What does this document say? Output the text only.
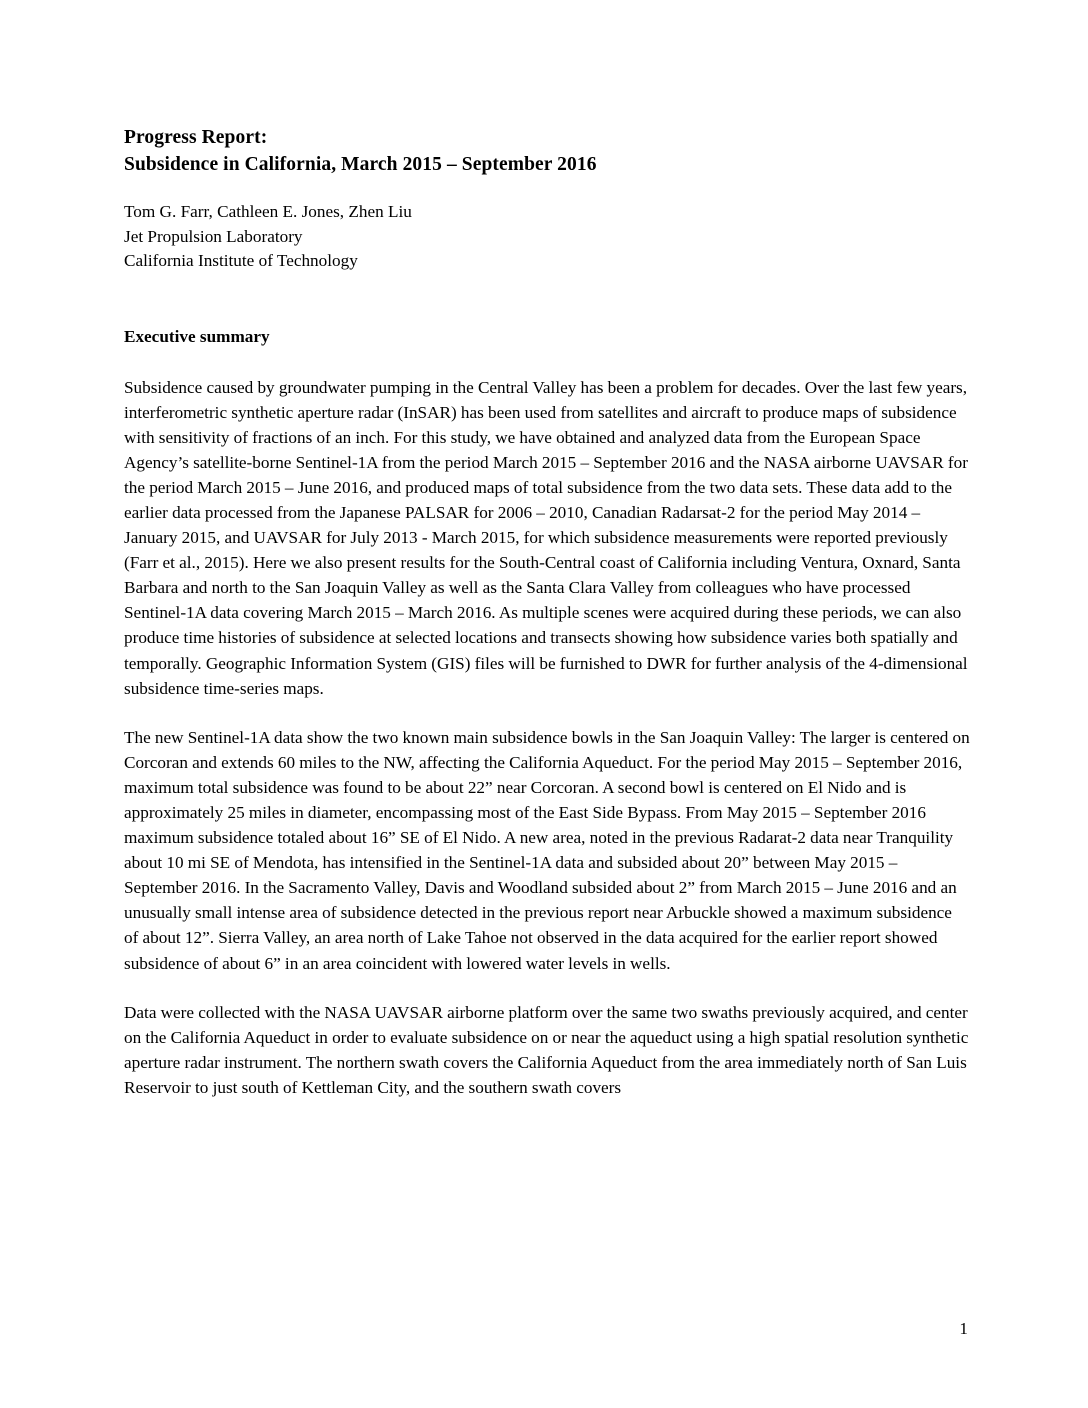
Progress Report:
Subsidence in California, March 2015 – September 2016
Tom G. Farr, Cathleen E. Jones, Zhen Liu
Jet Propulsion Laboratory
California Institute of Technology
Executive summary

Subsidence caused by groundwater pumping in the Central Valley has been a problem for decades. Over the last few years, interferometric synthetic aperture radar (InSAR) has been used from satellites and aircraft to produce maps of subsidence with sensitivity of fractions of an inch. For this study, we have obtained and analyzed data from the European Space Agency’s satellite-borne Sentinel-1A from the period March 2015 – September 2016 and the NASA airborne UAVSAR for the period March 2015 – June 2016, and produced maps of total subsidence from the two data sets. These data add to the earlier data processed from the Japanese PALSAR for 2006 – 2010, Canadian Radarsat-2 for the period May 2014 – January 2015, and UAVSAR for July 2013 - March 2015, for which subsidence measurements were reported previously (Farr et al., 2015). Here we also present results for the South-Central coast of California including Ventura, Oxnard, Santa Barbara and north to the San Joaquin Valley as well as the Santa Clara Valley from colleagues who have processed Sentinel-1A data covering March 2015 – March 2016. As multiple scenes were acquired during these periods, we can also produce time histories of subsidence at selected locations and transects showing how subsidence varies both spatially and temporally. Geographic Information System (GIS) files will be furnished to DWR for further analysis of the 4-dimensional subsidence time-series maps.

The new Sentinel-1A data show the two known main subsidence bowls in the San Joaquin Valley: The larger is centered on Corcoran and extends 60 miles to the NW, affecting the California Aqueduct. For the period May 2015 – September 2016, maximum total subsidence was found to be about 22” near Corcoran. A second bowl is centered on El Nido and is approximately 25 miles in diameter, encompassing most of the East Side Bypass. From May 2015 – September 2016 maximum subsidence totaled about 16” SE of El Nido. A new area, noted in the previous Radarat-2 data near Tranquility about 10 mi SE of Mendota, has intensified in the Sentinel-1A data and subsided about 20” between May 2015 – September 2016. In the Sacramento Valley, Davis and Woodland subsided about 2” from March 2015 – June 2016 and an unusually small intense area of subsidence detected in the previous report near Arbuckle showed a maximum subsidence of about 12”. Sierra Valley, an area north of Lake Tahoe not observed in the data acquired for the earlier report showed subsidence of about 6” in an area coincident with lowered water levels in wells.

Data were collected with the NASA UAVSAR airborne platform over the same two swaths previously acquired, and center on the California Aqueduct in order to evaluate subsidence on or near the aqueduct using a high spatial resolution synthetic aperture radar instrument. The northern swath covers the California Aqueduct from the area immediately north of San Luis Reservoir to just south of Kettleman City, and the southern swath covers

1
